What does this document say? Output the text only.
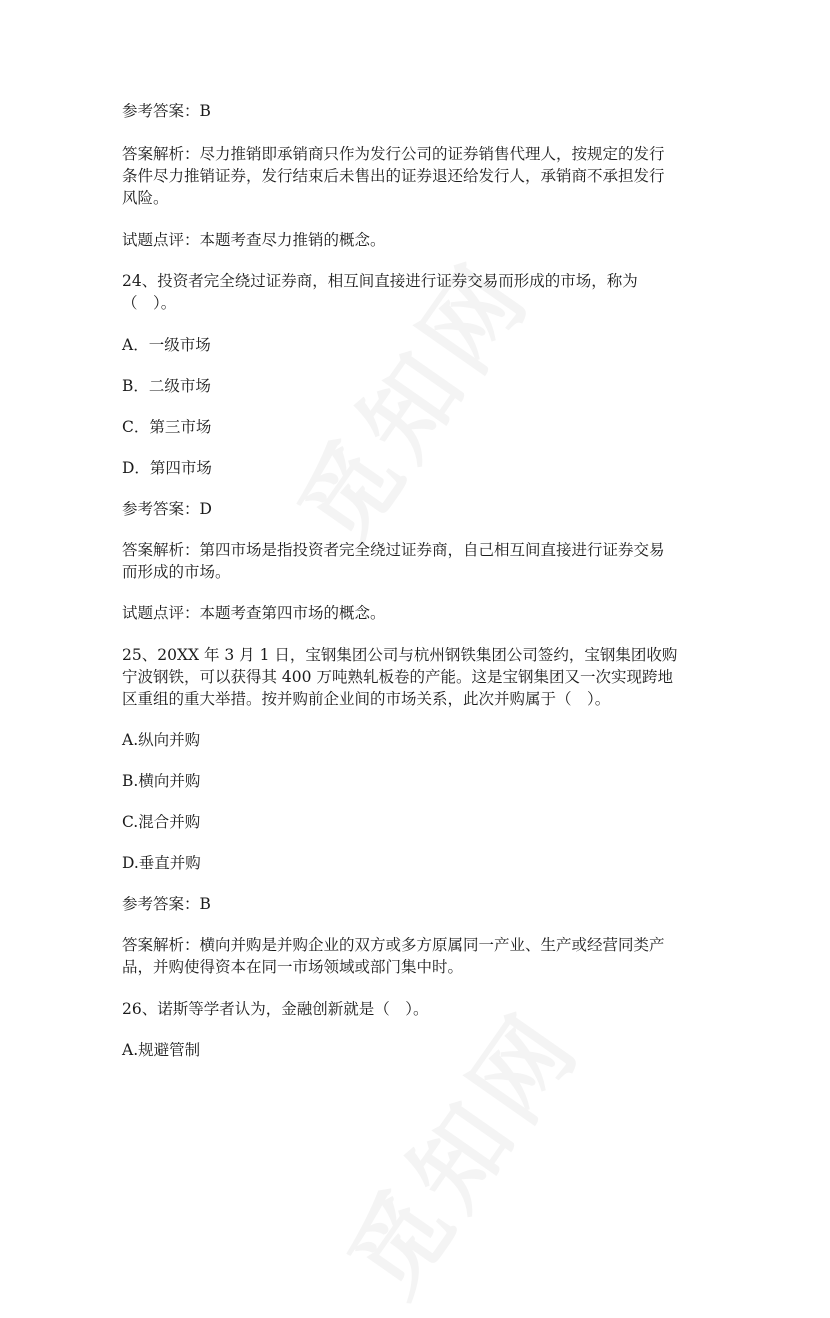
参考答案：B
答案解析：尽力推销即承销商只作为发行公司的证券销售代理人，按规定的发行
条件尽力推销证券，发行结束后未售出的证券退还给发行人，承销商不承担发行
风险。
试题点评：本题考查尽力推销的概念。
24、投资者完全绕过证券商，相互间直接进行证券交易而形成的市场，称为
（　）。
A．一级市场
B．二级市场
C．第三市场
D．第四市场
参考答案：D
答案解析：第四市场是指投资者完全绕过证券商，自己相互间直接进行证券交易
而形成的市场。
试题点评：本题考查第四市场的概念。
25、20XX 年 3 月 1 日，宝钢集团公司与杭州钢铁集团公司签约，宝钢集团收购
宁波钢铁，可以获得其 400 万吨熟轧板卷的产能。这是宝钢集团又一次实现跨地
区重组的重大举措。按并购前企业间的市场关系，此次并购属于（　）。
A.纵向并购
B.横向并购
C.混合并购
D.垂直并购
参考答案：B
答案解析：横向并购是并购企业的双方或多方原属同一产业、生产或经营同类产
品，并购使得资本在同一市场领域或部门集中时。
26、诺斯等学者认为，金融创新就是（　）。
A.规避管制
